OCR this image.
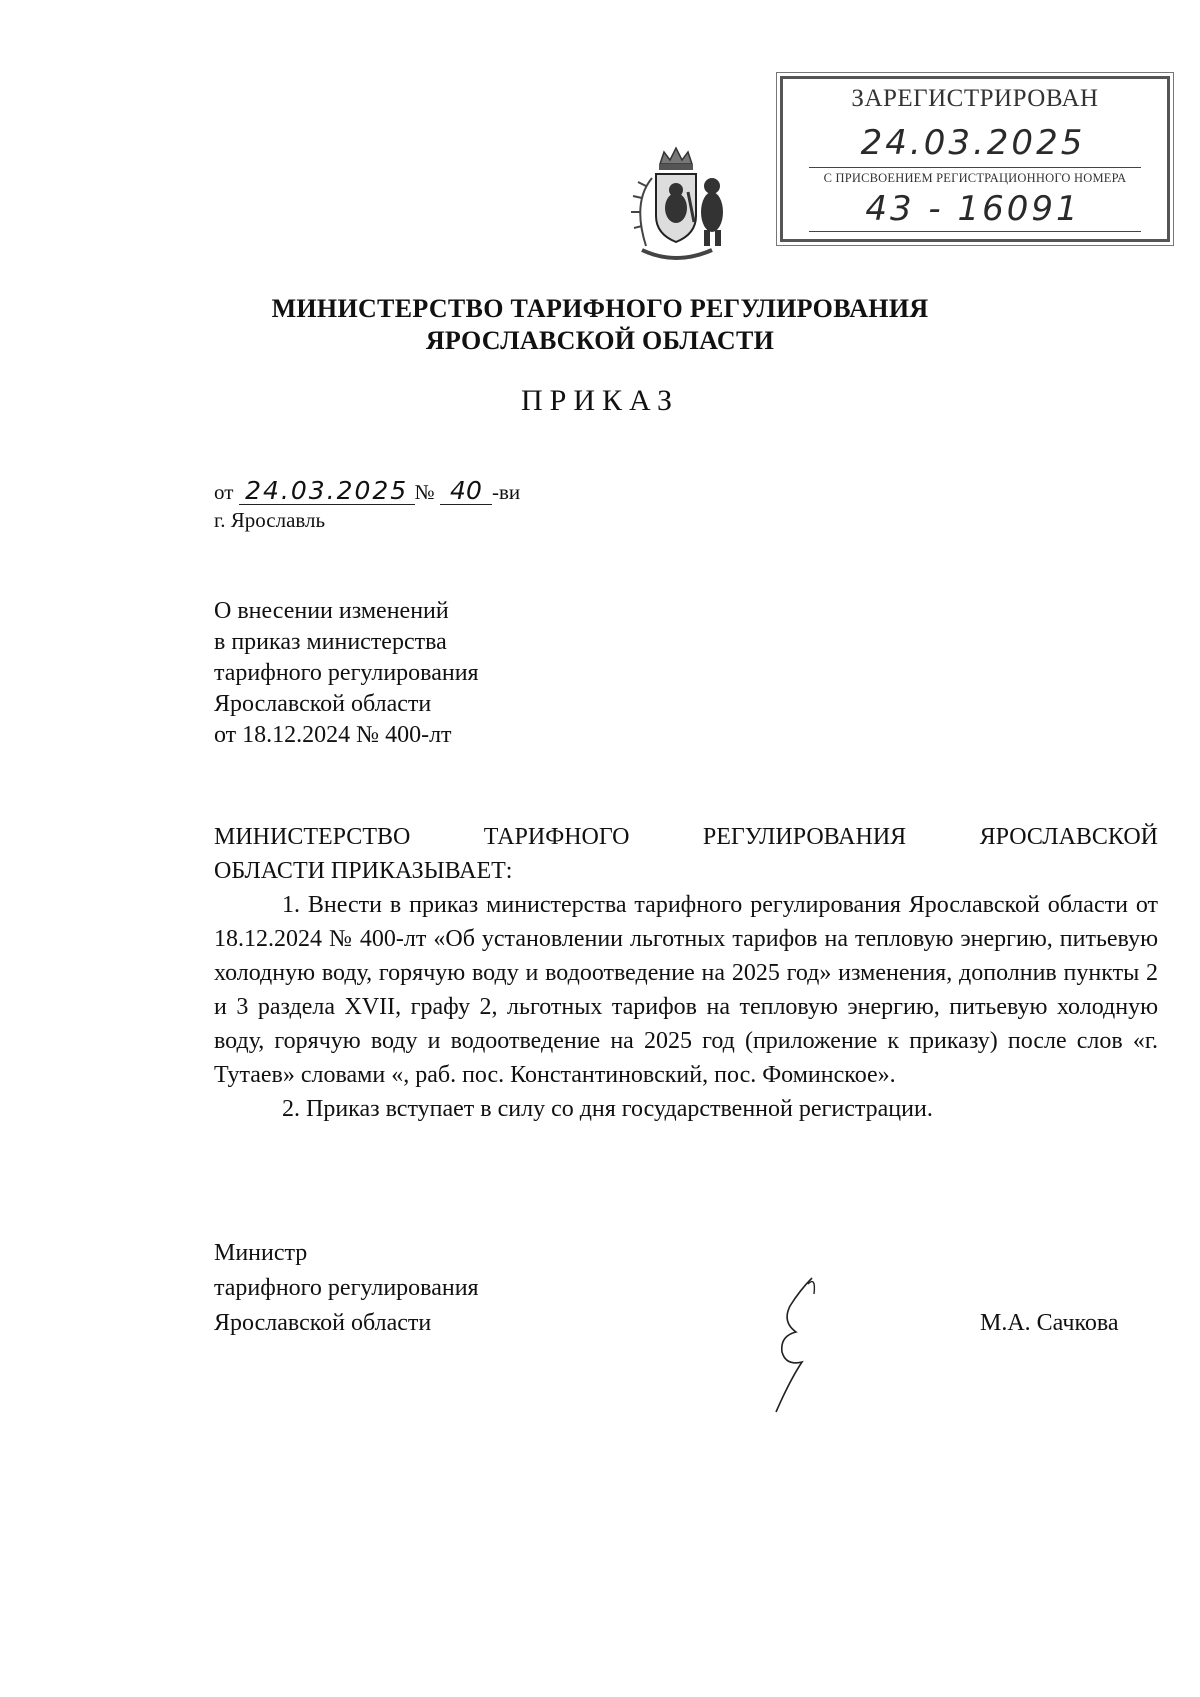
ЗАРЕГИСТРИРОВАН
24.03.2025
С ПРИСВОЕНИЕМ РЕГИСТРАЦИОННОГО НОМЕРА
43 - 16091
МИНИСТЕРСТВО ТАРИФНОГО РЕГУЛИРОВАНИЯ
ЯРОСЛАВСКОЙ ОБЛАСТИ
ПРИКАЗ
от
24.03.2025 №
40 -ви
г. Ярославль
О внесении изменений
в приказ министерства
тарифного регулирования
Ярославской области
от 18.12.2024 № 400-лт

МИНИСТЕРСТВО ТАРИФНОГО РЕГУЛИРОВАНИЯ ЯРОСЛАВСКОЙ

ОБЛАСТИ ПРИКАЗЫВАЕТ:

1. Внести в приказ министерства тарифного регулирования Ярославской области от 18.12.2024 № 400-лт «Об установлении льготных тарифов на тепловую энергию, питьевую холодную воду, горячую воду и водоотведение на 2025 год» изменения, дополнив пункты 2 и 3 раздела XVII, графу 2, льготных тарифов на тепловую энергию, питьевую холодную воду, горячую воду и водоотведение на 2025 год (приложение к приказу) после слов «г. Тутаев» словами «, раб. пос. Константиновский, пос. Фоминское».

2. Приказ вступает в силу со дня государственной регистрации.

Министр
тарифного регулирования
Ярославской области	М.А. Сачкова
